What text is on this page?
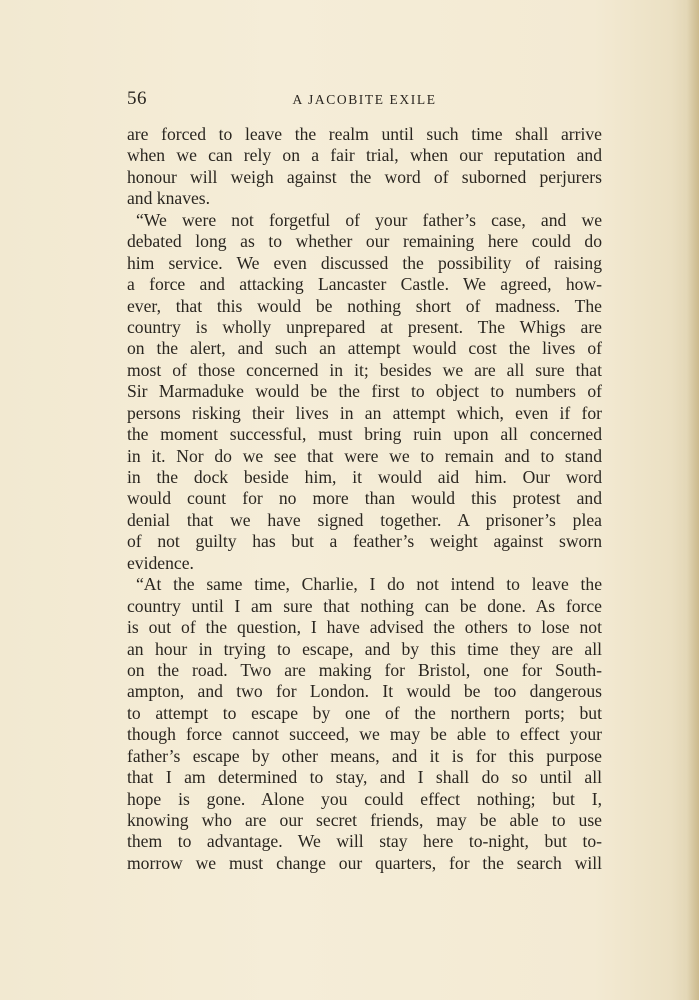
56	A JACOBITE EXILE
are forced to leave the realm until such time shall arrive
when we can rely on a fair trial, when our reputation and
honour will weigh against the word of suborned perjurers
and knaves.
“We were not forgetful of your father’s case, and we
debated long as to whether our remaining here could do
him service. We even discussed the possibility of raising
a force and attacking Lancaster Castle. We agreed, how-
ever, that this would be nothing short of madness. The
country is wholly unprepared at present. The Whigs are
on the alert, and such an attempt would cost the lives of
most of those concerned in it; besides we are all sure that
Sir Marmaduke would be the first to object to numbers of
persons risking their lives in an attempt which, even if for
the moment successful, must bring ruin upon all concerned
in it. Nor do we see that were we to remain and to stand
in the dock beside him, it would aid him. Our word
would count for no more than would this protest and
denial that we have signed together. A prisoner’s plea
of not guilty has but a feather’s weight against sworn
evidence.
“At the same time, Charlie, I do not intend to leave the
country until I am sure that nothing can be done. As force
is out of the question, I have advised the others to lose not
an hour in trying to escape, and by this time they are all
on the road. Two are making for Bristol, one for South-
ampton, and two for London. It would be too dangerous
to attempt to escape by one of the northern ports; but
though force cannot succeed, we may be able to effect your
father’s escape by other means, and it is for this purpose
that I am determined to stay, and I shall do so until all
hope is gone. Alone you could effect nothing; but I,
knowing who are our secret friends, may be able to use
them to advantage. We will stay here to-night, but to-
morrow we must change our quarters, for the search will
